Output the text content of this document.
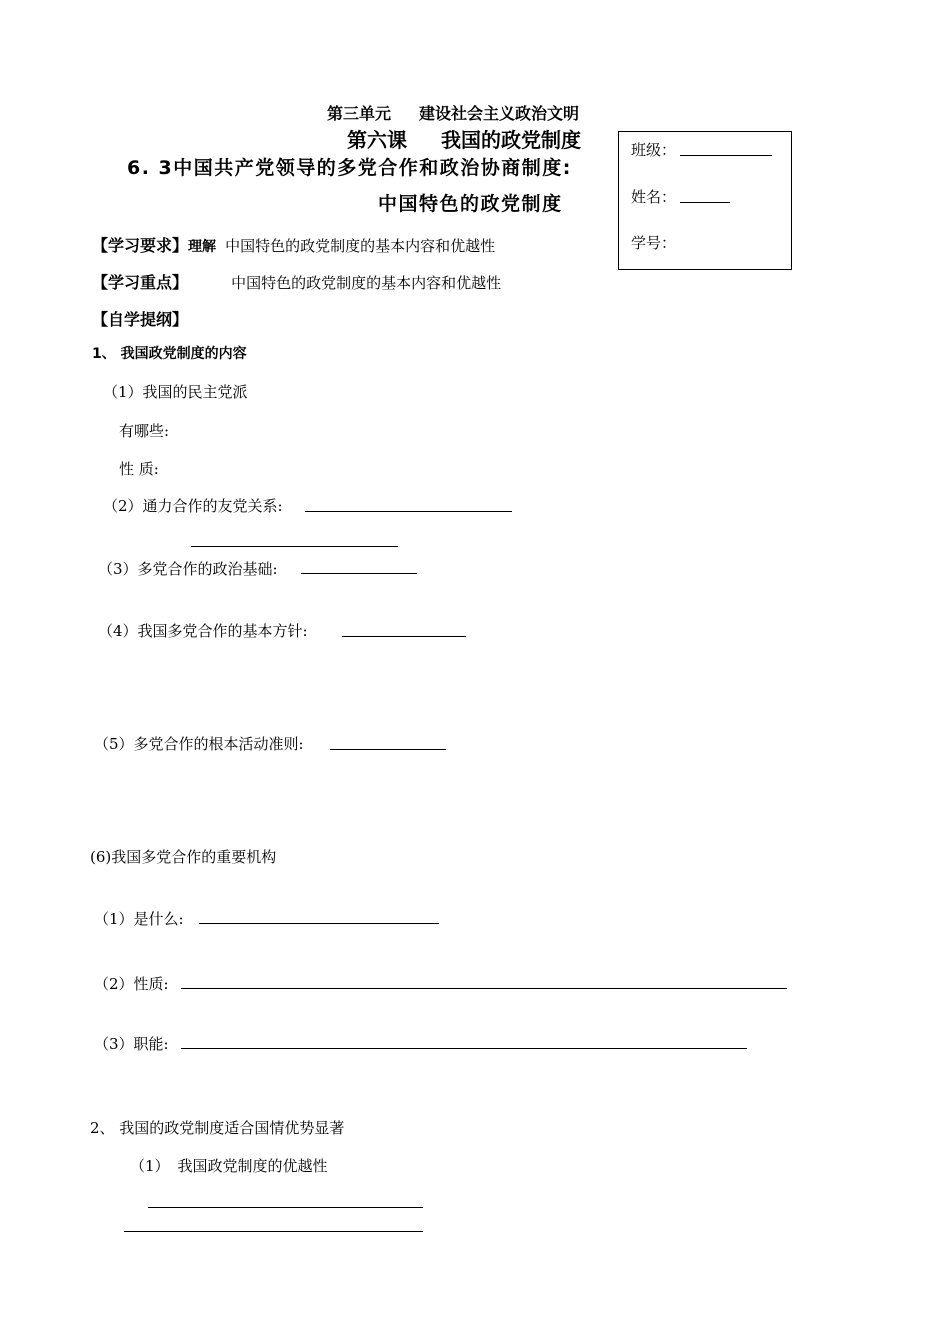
第三单元 建设社会主义政治文明
第六课 我国的政党制度
6. 3中国共产党领导的多党合作和政治协商制度:
中国特色的政党制度
班级：
姓名：
学号：
【学习要求】理解 中国特色的政党制度的基本内容和优越性
【学习重点】	中国特色的政党制度的基本内容和优越性
【自学提纲】
1、 我国政党制度的内容
（1）我国的民主党派
有哪些:
性 质:
（2）通力合作的友党关系:
（3）多党合作的政治基础:
（4）我国多党合作的基本方针:
（5）多党合作的根本活动准则:
(6)我国多党合作的重要机构
（1）是什么:
（2）性质:
（3）职能:
2、 我国的政党制度适合国情优势显著
（1） 我国政党制度的优越性
